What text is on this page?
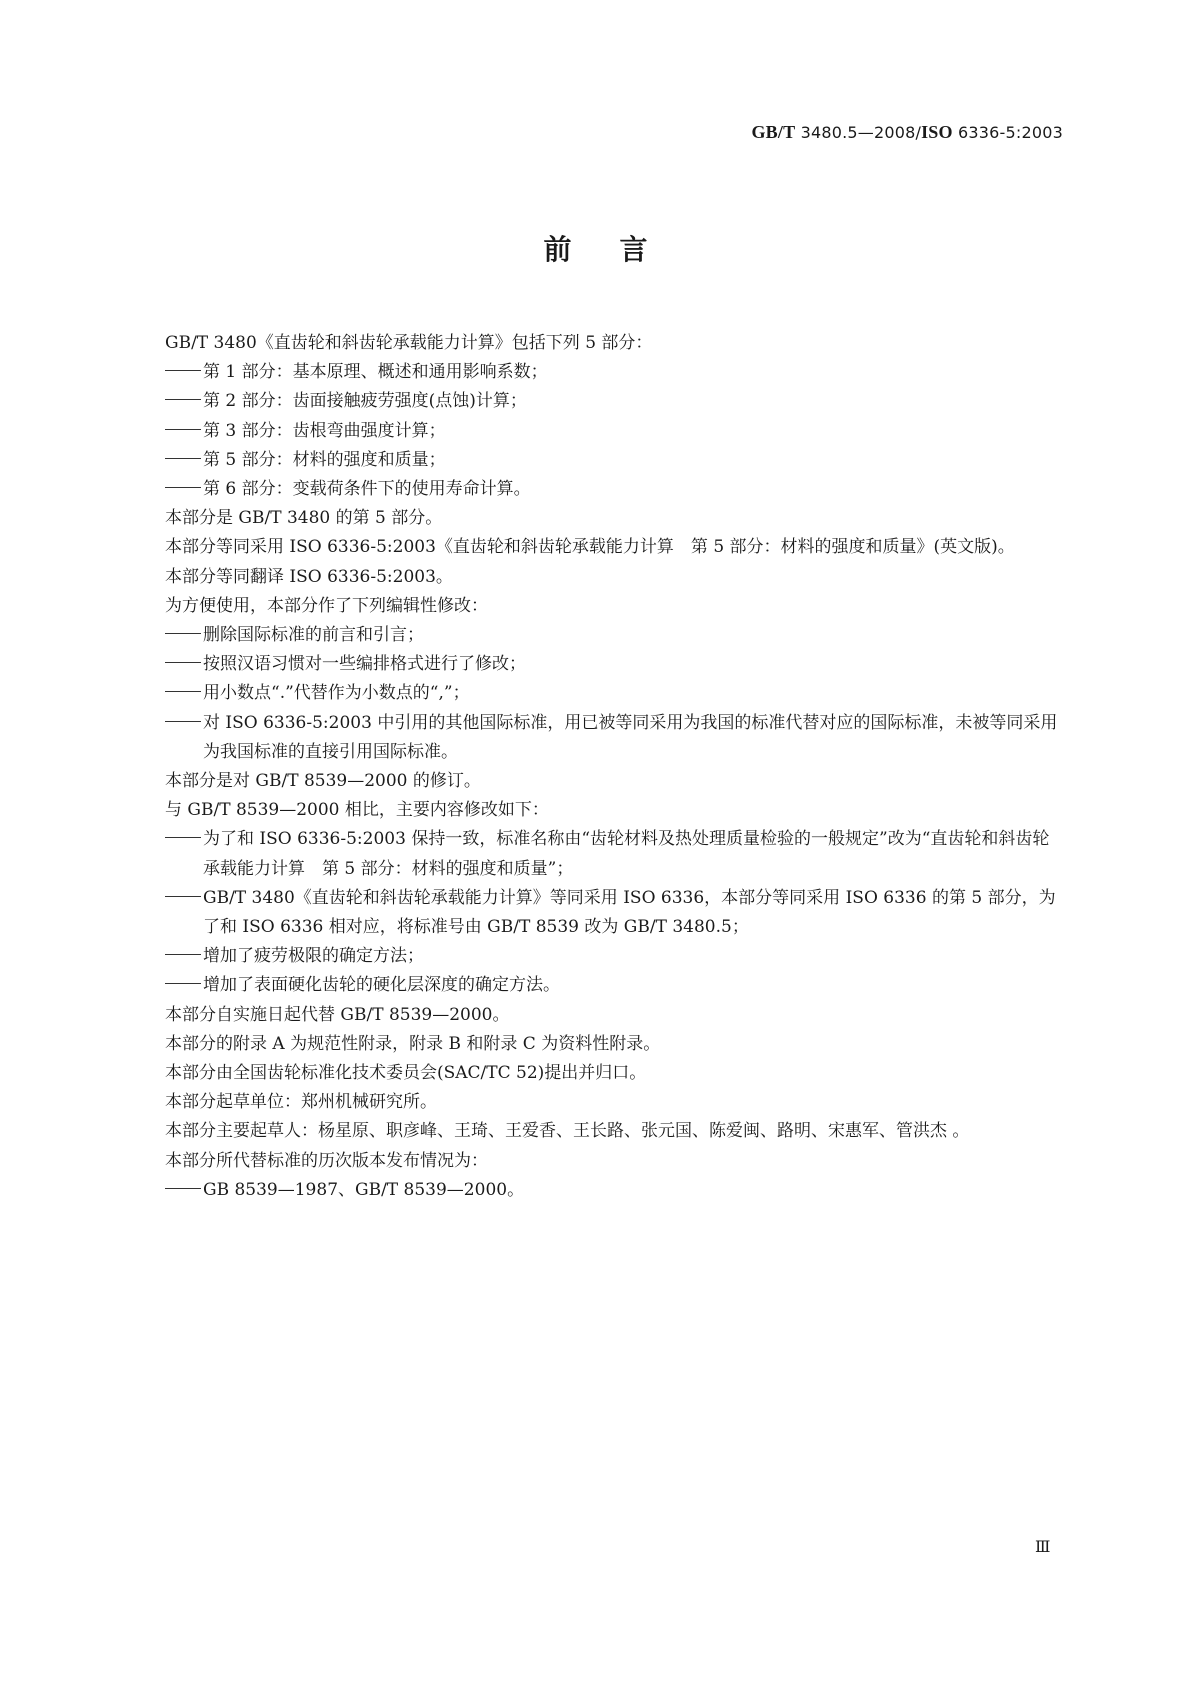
GB/T 3480.5—2008/ISO 6336-5:2003
前言

GB/T 3480《直齿轮和斜齿轮承载能力计算》包括下列 5 部分：

第 1 部分：基本原理、概述和通用影响系数；

第 2 部分：齿面接触疲劳强度(点蚀)计算；

第 3 部分：齿根弯曲强度计算；

第 5 部分：材料的强度和质量；

第 6 部分：变载荷条件下的使用寿命计算。

本部分是 GB/T 3480 的第 5 部分。

本部分等同采用 ISO 6336-5:2003《直齿轮和斜齿轮承载能力计算　第 5 部分：材料的强度和质量》(英文版)。

本部分等同翻译 ISO 6336-5:2003。

为方便使用，本部分作了下列编辑性修改：

删除国际标准的前言和引言；

按照汉语习惯对一些编排格式进行了修改；

用小数点“.”代替作为小数点的“,”；

对 ISO 6336-5:2003 中引用的其他国际标准，用已被等同采用为我国的标准代替对应的国际标准，未被等同采用为我国标准的直接引用国际标准。

本部分是对 GB/T 8539—2000 的修订。

与 GB/T 8539—2000 相比，主要内容修改如下：

为了和 ISO 6336-5:2003 保持一致，标准名称由“齿轮材料及热处理质量检验的一般规定”改为“直齿轮和斜齿轮承载能力计算　第 5 部分：材料的强度和质量”；

GB/T 3480《直齿轮和斜齿轮承载能力计算》等同采用 ISO 6336，本部分等同采用 ISO 6336 的第 5 部分，为了和 ISO 6336 相对应，将标准号由 GB/T 8539 改为 GB/T 3480.5；

增加了疲劳极限的确定方法；

增加了表面硬化齿轮的硬化层深度的确定方法。

本部分自实施日起代替 GB/T 8539—2000。

本部分的附录 A 为规范性附录，附录 B 和附录 C 为资料性附录。

本部分由全国齿轮标准化技术委员会(SAC/TC 52)提出并归口。

本部分起草单位：郑州机械研究所。

本部分主要起草人：杨星原、职彦峰、王琦、王爱香、王长路、张元国、陈爱闽、路明、宋惠军、管洪杰 。

本部分所代替标准的历次版本发布情况为：

GB 8539—1987、GB/T 8539—2000。

Ⅲ
